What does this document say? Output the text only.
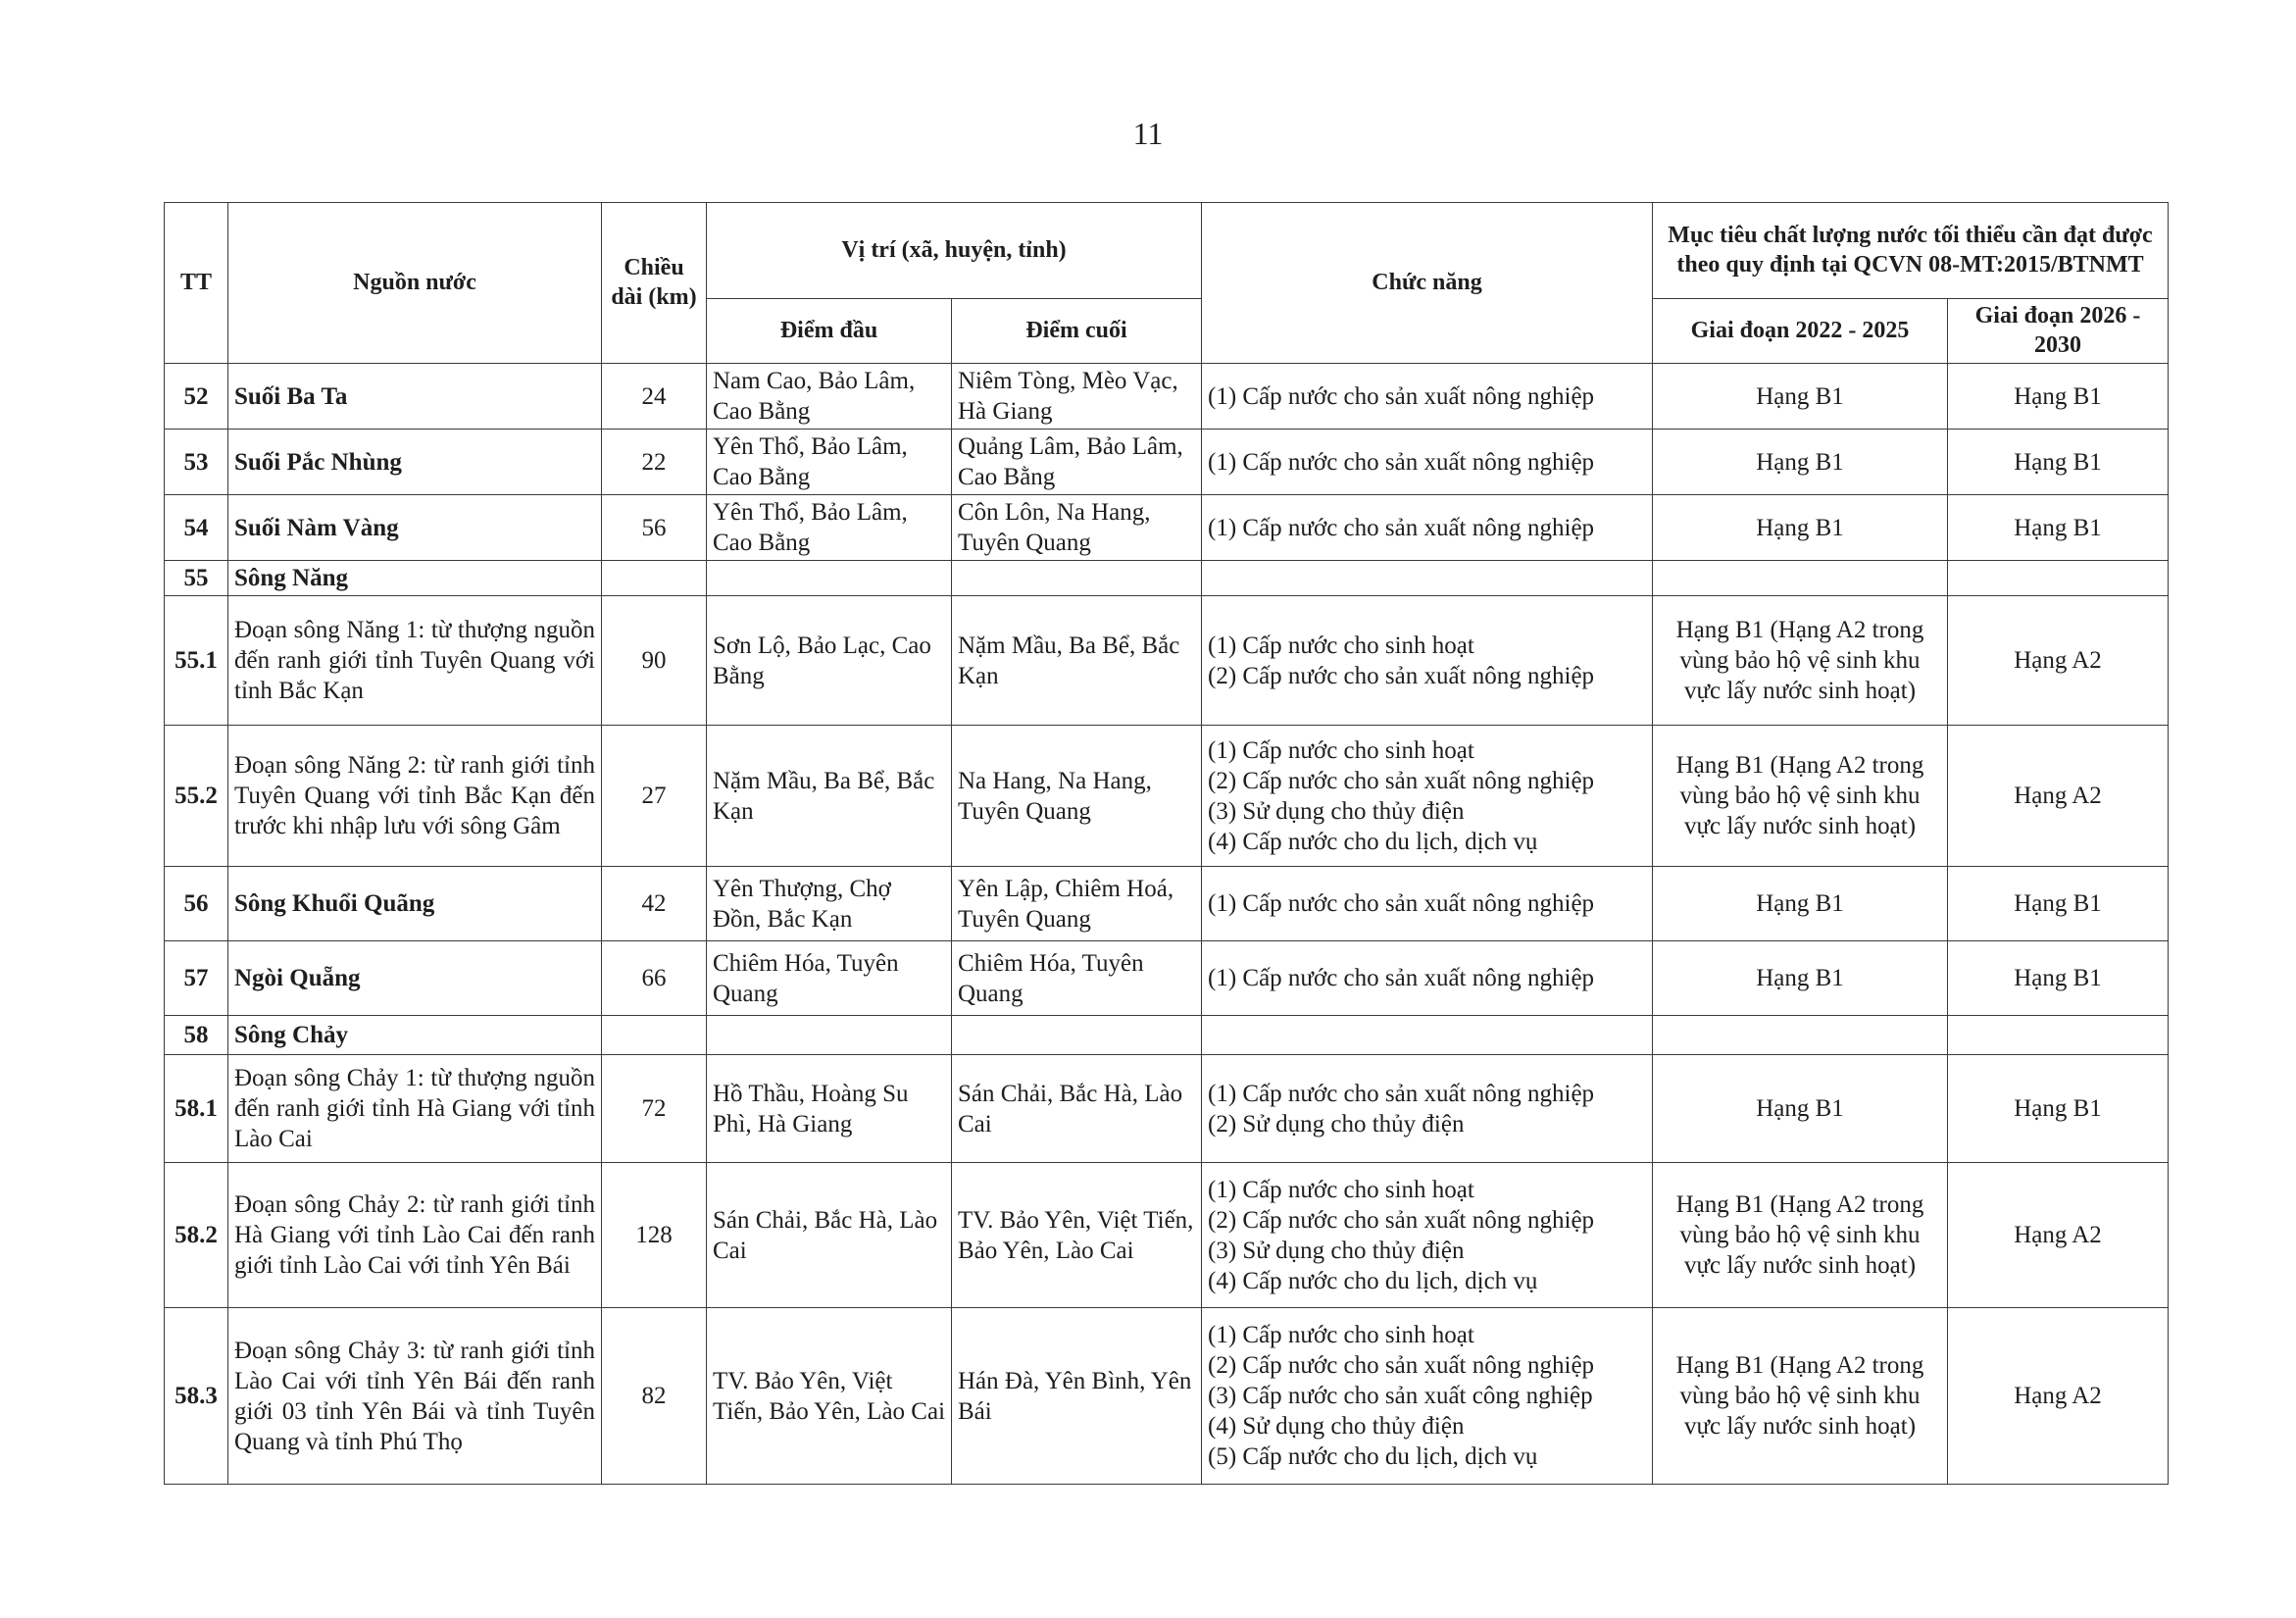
11
TT	Nguồn nước	Chiều dài (km)	Vị trí (xã, huyện, tỉnh)		Chức năng	Mục tiêu chất lượng nước tối thiểu cần đạt được theo quy định tại QCVN 08-MT:2015/BTNMT	
			Điểm đầu	Điểm cuối		Giai đoạn 2022 - 2025	Giai đoạn 2026 - 2030
52	Suối Ba Ta	24	Nam Cao, Bảo Lâm, Cao Bằng	Niêm Tòng, Mèo Vạc, Hà Giang	(1) Cấp nước cho sản xuất nông nghiệp	Hạng B1	Hạng B1
53	Suối Pắc Nhùng	22	Yên Thổ, Bảo Lâm, Cao Bằng	Quảng Lâm, Bảo Lâm, Cao Bằng	(1) Cấp nước cho sản xuất nông nghiệp	Hạng B1	Hạng B1
54	Suối Nàm Vàng	56	Yên Thổ, Bảo Lâm, Cao Bằng	Côn Lôn, Na Hang, Tuyên Quang	(1) Cấp nước cho sản xuất nông nghiệp	Hạng B1	Hạng B1
55	Sông Năng						
55.1	Đoạn sông Năng 1: từ thượng nguồn đến ranh giới tỉnh Tuyên Quang với tỉnh Bắc Kạn	90	Sơn Lộ, Bảo Lạc, Cao Bằng	Nặm Mầu, Ba Bể, Bắc Kạn	(1) Cấp nước cho sinh hoạt
(2) Cấp nước cho sản xuất nông nghiệp	Hạng B1 (Hạng A2 trong vùng bảo hộ vệ sinh khu vực lấy nước sinh hoạt)	Hạng A2
55.2	Đoạn sông Năng 2: từ ranh giới tỉnh Tuyên Quang với tỉnh Bắc Kạn đến trước khi nhập lưu với sông Gâm	27	Nặm Mầu, Ba Bể, Bắc Kạn	Na Hang, Na Hang, Tuyên Quang	(1) Cấp nước cho sinh hoạt
(2) Cấp nước cho sản xuất nông nghiệp
(3) Sử dụng cho thủy điện
(4) Cấp nước cho du lịch, dịch vụ	Hạng B1 (Hạng A2 trong vùng bảo hộ vệ sinh khu vực lấy nước sinh hoạt)	Hạng A2
56	Sông Khuổi Quãng	42	Yên Thượng, Chợ Đồn, Bắc Kạn	Yên Lập, Chiêm Hoá, Tuyên Quang	(1) Cấp nước cho sản xuất nông nghiệp	Hạng B1	Hạng B1
57	Ngòi Quẵng	66	Chiêm Hóa, Tuyên Quang	Chiêm Hóa, Tuyên Quang	(1) Cấp nước cho sản xuất nông nghiệp	Hạng B1	Hạng B1
58	Sông Chảy						
58.1	Đoạn sông Chảy 1: từ thượng nguồn đến ranh giới tỉnh Hà Giang với tỉnh Lào Cai	72	Hồ Thầu, Hoàng Su Phì, Hà Giang	Sán Chải, Bắc Hà, Lào Cai	(1) Cấp nước cho sản xuất nông nghiệp
(2) Sử dụng cho thủy điện	Hạng B1	Hạng B1
58.2	Đoạn sông Chảy 2: từ ranh giới tỉnh Hà Giang với tỉnh Lào Cai đến ranh giới tỉnh Lào Cai với tỉnh Yên Bái	128	Sán Chải, Bắc Hà, Lào Cai	TV. Bảo Yên, Việt Tiến, Bảo Yên, Lào Cai	(1) Cấp nước cho sinh hoạt
(2) Cấp nước cho sản xuất nông nghiệp
(3) Sử dụng cho thủy điện
(4) Cấp nước cho du lịch, dịch vụ	Hạng B1 (Hạng A2 trong vùng bảo hộ vệ sinh khu vực lấy nước sinh hoạt)	Hạng A2
58.3	Đoạn sông Chảy 3: từ ranh giới tỉnh Lào Cai với tỉnh Yên Bái đến ranh giới 03 tỉnh Yên Bái và tỉnh Tuyên Quang và tỉnh Phú Thọ	82	TV. Bảo Yên, Việt Tiến, Bảo Yên, Lào Cai	Hán Đà, Yên Bình, Yên Bái	(1) Cấp nước cho sinh hoạt
(2) Cấp nước cho sản xuất nông nghiệp
(3) Cấp nước cho sản xuất công nghiệp
(4) Sử dụng cho thủy điện
(5) Cấp nước cho du lịch, dịch vụ	Hạng B1 (Hạng A2 trong vùng bảo hộ vệ sinh khu vực lấy nước sinh hoạt)	Hạng A2
